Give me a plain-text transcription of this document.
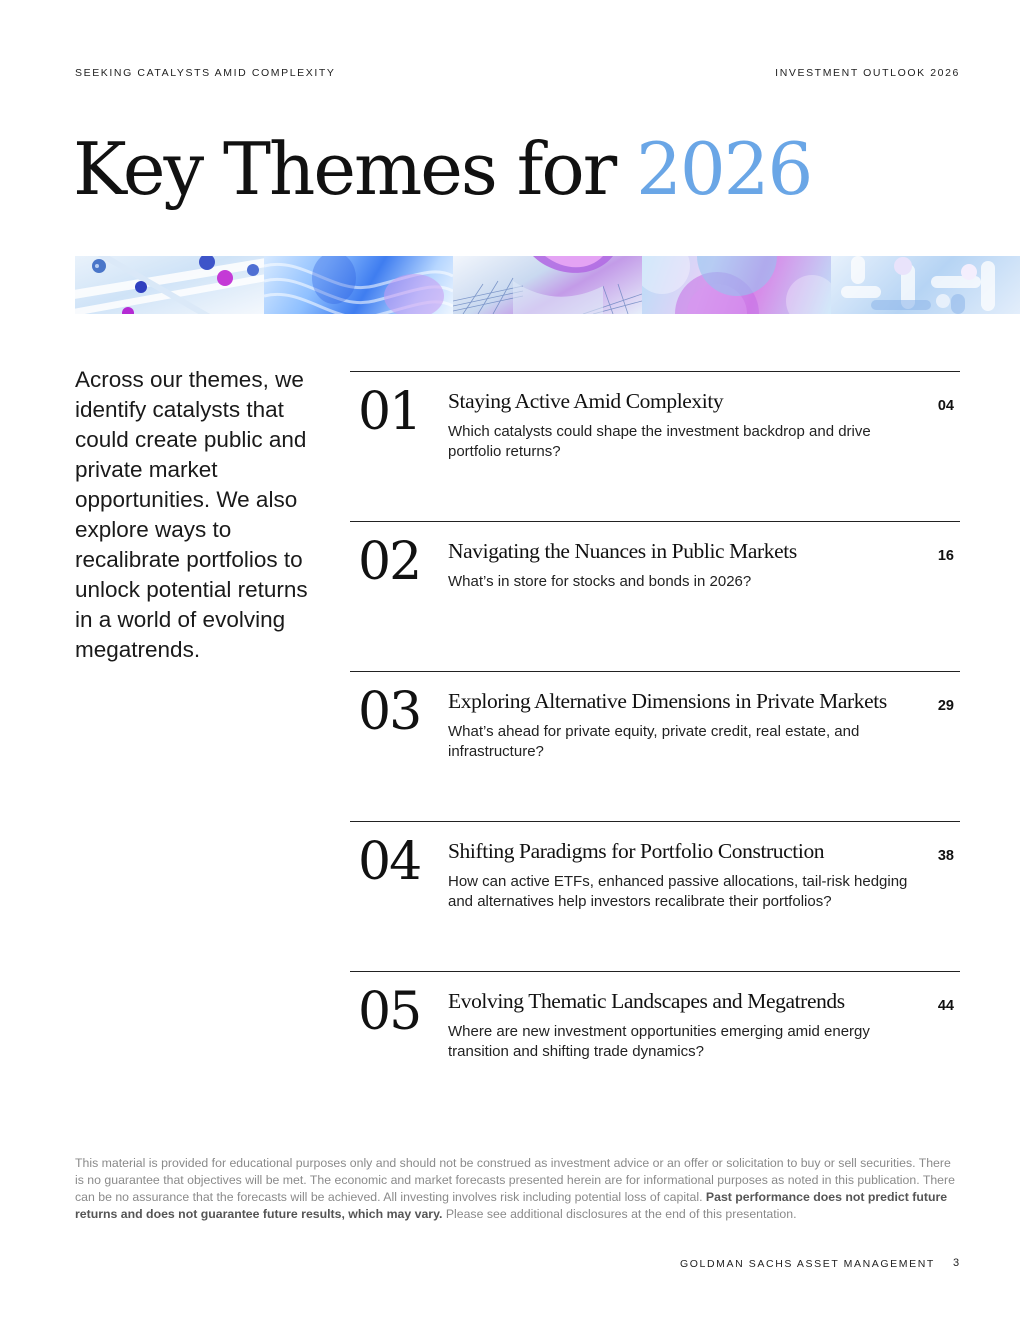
SEEKING CATALYSTS AMID COMPLEXITY	INVESTMENT OUTLOOK 2026
Key Themes for 2026

Across our themes, we identify catalysts that could create public and private market opportunities. We also explore ways to recalibrate portfolios to unlock potential returns in a world of evolving megatrends.

01 Staying Active Amid Complexity
Which catalysts could shape the investment backdrop and drive portfolio returns?
04
02 Navigating the Nuances in Public Markets
What’s in store for stocks and bonds in 2026?
16
03 Exploring Alternative Dimensions in Private Markets
What’s ahead for private equity, private credit, real estate, and infrastructure?
29
04 Shifting Paradigms for Portfolio Construction
How can active ETFs, enhanced passive allocations, tail-risk hedging and alternatives help investors recalibrate their portfolios?
38
05 Evolving Thematic Landscapes and Megatrends
Where are new investment opportunities emerging amid energy transition and shifting trade dynamics?
44

This material is provided for educational purposes only and should not be construed as investment advice or an offer or solicitation to buy or sell securities. There is no guarantee that objectives will be met. The economic and market forecasts presented herein are for informational purposes as noted in this publication. There can be no assurance that the forecasts will be achieved. All investing involves risk including potential loss of capital. Past performance does not predict future returns and does not guarantee future results, which may vary. Please see additional disclosures at the end of this presentation.

GOLDMAN SACHS ASSET MANAGEMENT 3
